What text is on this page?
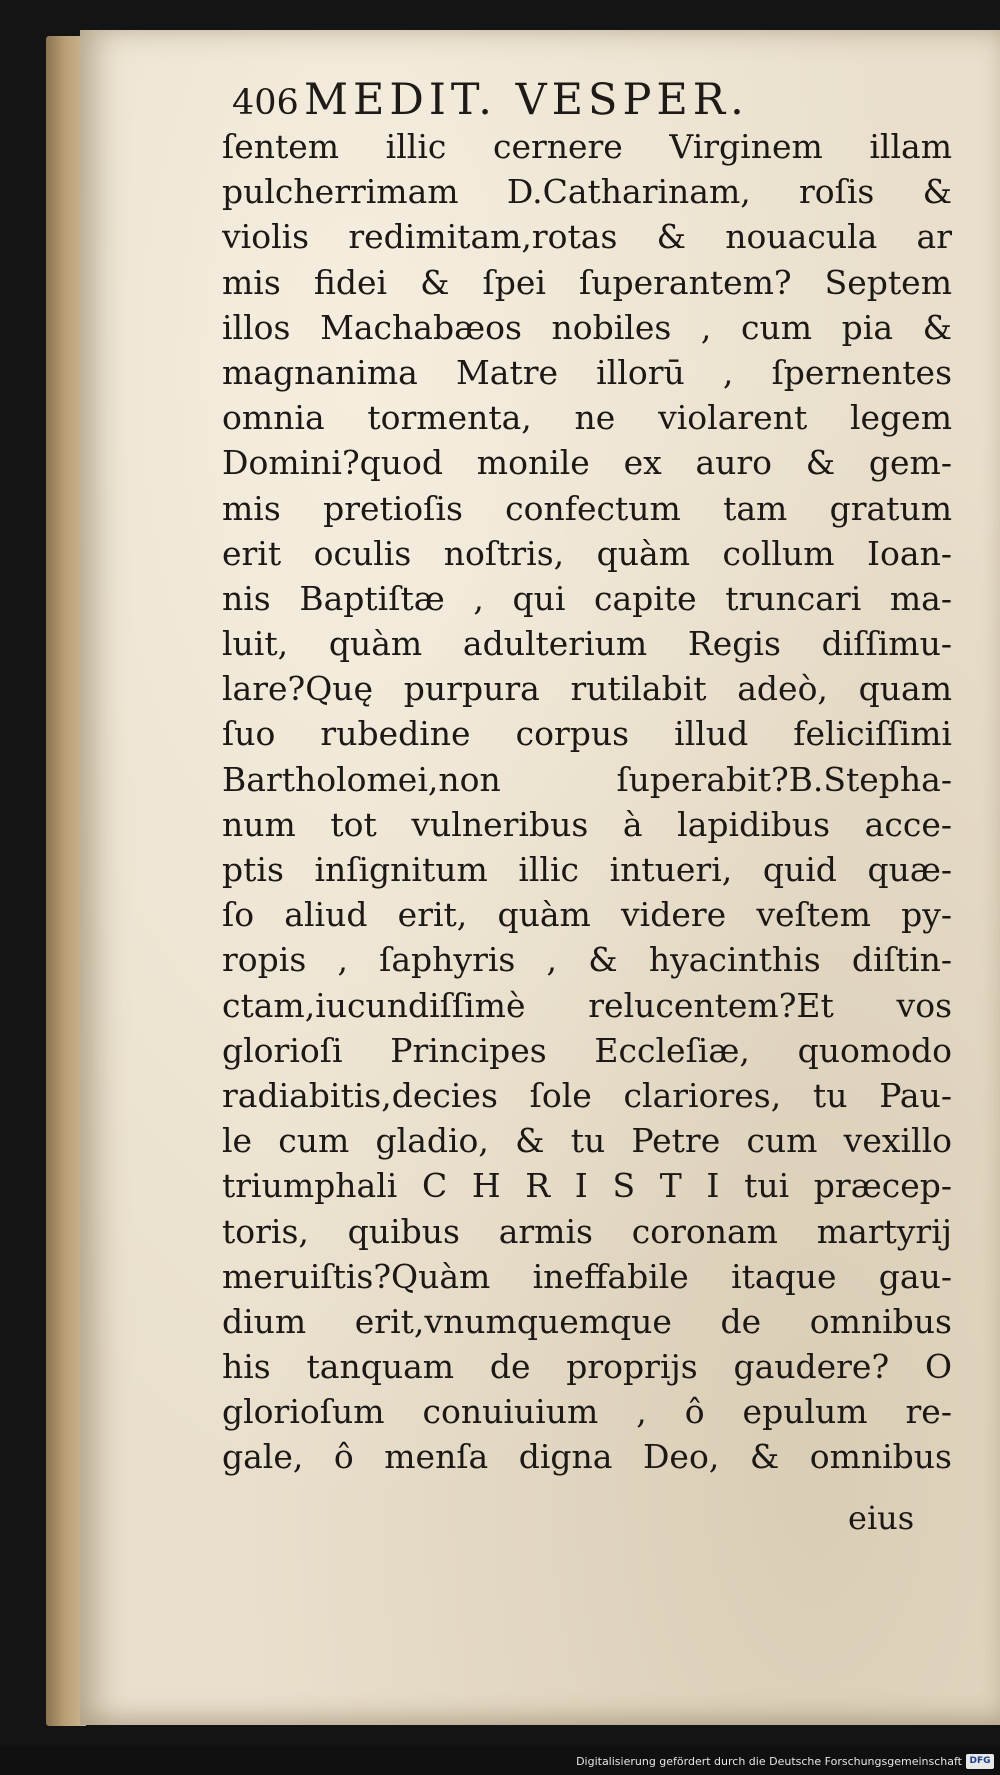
406 MEDIT. VESPER.
ſentem illic cernere Virginem illam
pulcherrimam D.Catharinam, roſis &
violis redimitam,rotas & nouacula ar
mis fidei & ſpei ſuperantem? Septem
illos Machabæos nobiles , cum pia &
magnanima Matre illorū , ſpernentes
omnia tormenta, ne violarent legem
Domini?quod monile ex auro & gem-
mis pretioſis confectum tam gratum
erit oculis noſtris, quàm collum Ioan-
nis Baptiſtæ , qui capite truncari ma-
luit, quàm adulterium Regis diſſimu-
lare?Quę purpura rutilabit adeò, quam
ſuo rubedine corpus illud feliciſſimi
Bartholomei,non ſuperabit?B.Stepha-
num tot vulneribus à lapidibus acce-
ptis inſignitum illic intueri, quid quæ-
ſo aliud erit, quàm videre veſtem py-
ropis , ſaphyris , & hyacinthis diſtin-
ctam,iucundiſſimè relucentem?Et vos
glorioſi Principes Eccleſiæ, quomodo
radiabitis,decies ſole clariores, tu Pau-
le cum gladio, & tu Petre cum vexillo
triumphali C H R I S T I tui præcep-
toris, quibus armis coronam martyrij
meruiſtis?Quàm ineffabile itaque gau-
dium erit,vnumquemque de omnibus
his tanquam de proprijs gaudere? O
glorioſum conuiuium , ô epulum re-
gale, ô menſa digna Deo, & omnibus
eius
Digitalisierung gefördert durch die Deutsche Forschungsgemeinschaft DFG
